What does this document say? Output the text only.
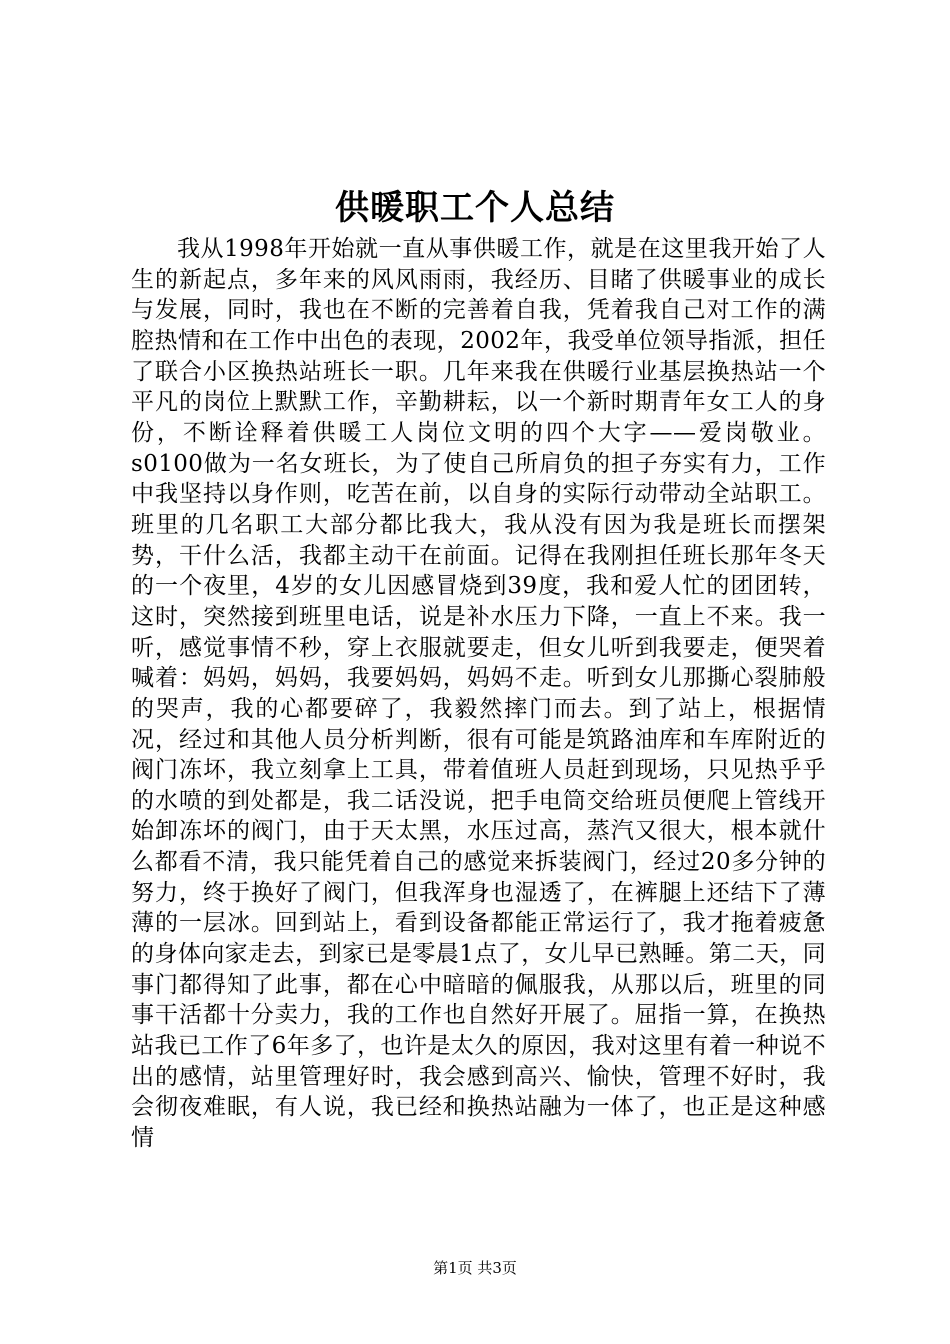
供暖职工个人总结

我从1998年开始就一直从事供暖工作，就是在这里我开始了人生的新起点，多年来的风风雨雨，我经历、目睹了供暖事业的成长与发展，同时，我也在不断的完善着自我，凭着我自己对工作的满腔热情和在工作中出色的表现，2002年，我受单位领导指派，担任了联合小区换热站班长一职。几年来我在供暖行业基层换热站一个平凡的岗位上默默工作，辛勤耕耘，以一个新时期青年女工人的身份，不断诠释着供暖工人岗位文明的四个大字——爱岗敬业。s0100做为一名女班长，为了使自己所肩负的担子夯实有力，工作中我坚持以身作则，吃苦在前，以自身的实际行动带动全站职工。班里的几名职工大部分都比我大，我从没有因为我是班长而摆架势，干什么活，我都主动干在前面。记得在我刚担任班长那年冬天的一个夜里，4岁的女儿因感冒烧到39度，我和爱人忙的团团转，这时，突然接到班里电话，说是补水压力下降，一直上不来。我一听，感觉事情不秒，穿上衣服就要走，但女儿听到我要走，便哭着喊着：妈妈，妈妈，我要妈妈，妈妈不走。听到女儿那撕心裂肺般的哭声，我的心都要碎了，我毅然摔门而去。到了站上，根据情况，经过和其他人员分析判断，很有可能是筑路油库和车库附近的阀门冻坏，我立刻拿上工具，带着值班人员赶到现场，只见热乎乎的水喷的到处都是，我二话没说，把手电筒交给班员便爬上管线开始卸冻坏的阀门，由于天太黑，水压过高，蒸汽又很大，根本就什么都看不清，我只能凭着自己的感觉来拆装阀门，经过20多分钟的努力，终于换好了阀门，但我浑身也湿透了，在裤腿上还结下了薄薄的一层冰。回到站上，看到设备都能正常运行了，我才拖着疲惫的身体向家走去，到家已是零晨1点了，女儿早已熟睡。第二天，同事门都得知了此事，都在心中暗暗的佩服我，从那以后，班里的同事干活都十分卖力，我的工作也自然好开展了。屈指一算，在换热站我已工作了6年多了，也许是太久的原因，我对这里有着一种说不出的感情，站里管理好时，我会感到高兴、愉快，管理不好时，我会彻夜难眠，有人说，我已经和换热站融为一体了，也正是这种感情

第1页 共3页
